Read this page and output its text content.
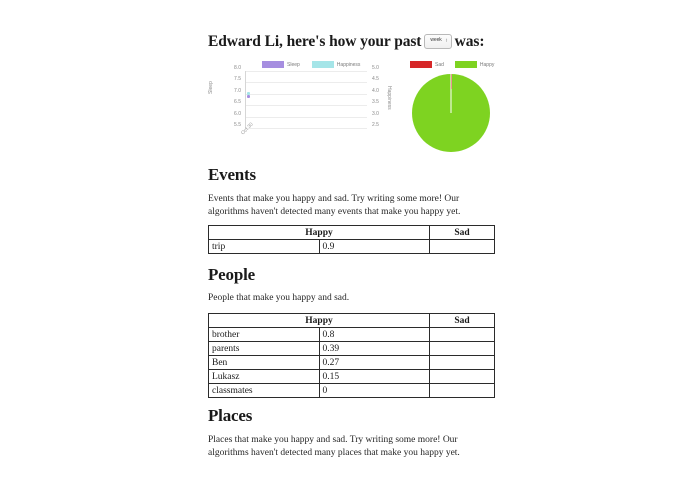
Edward Li, here's how your past week ↕ was:
Sleep	Happiness
8.0
7.5
7.0
6.5
6.0
5.5
5.0
4.5
4.0
3.5
3.0
2.5
Sleep	Happiness
Oct 30
Sad	Happy
Events
Events that make you happy and sad. Try writing some more! Our algorithms haven't detected many events that make you happy yet.
Happy		Sad
trip	0.9	
People
People that make you happy and sad.
Happy		Sad
brother	0.8	
parents	0.39	
Ben	0.27	
Lukasz	0.15	
classmates	0	
Places
Places that make you happy and sad. Try writing some more! Our algorithms haven't detected many places that make you happy yet.
